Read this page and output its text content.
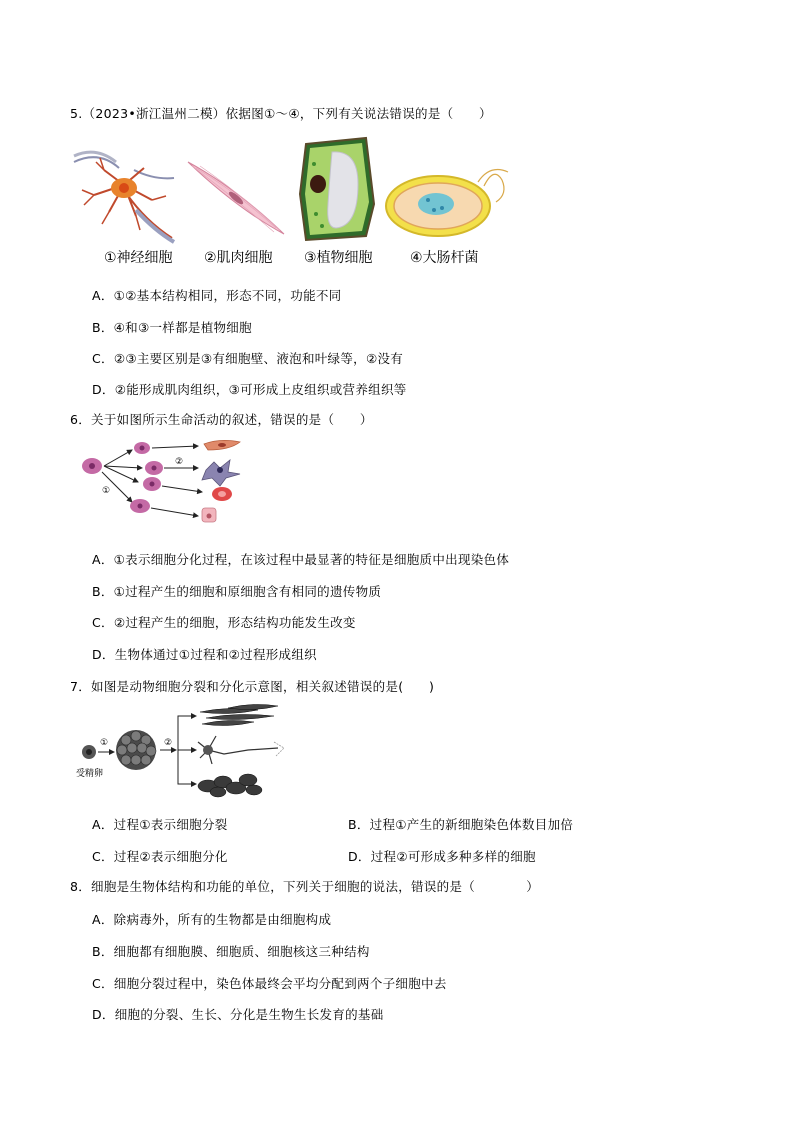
5.（2023•浙江温州二模）依据图①～④，下列有关说法错误的是（　　）
①神经细胞 ②肌肉细胞 ③植物细胞	④大肠杆菌
A．①②基本结构相同，形态不同，功能不同
B．④和③一样都是植物细胞
C．②③主要区别是③有细胞壁、液泡和叶绿等，②没有
D．②能形成肌肉组织，③可形成上皮组织或营养组织等
6．关于如图所示生命活动的叙述，错误的是（　　）
②
①
A．①表示细胞分化过程，在该过程中最显著的特征是细胞质中出现染色体
B．①过程产生的细胞和原细胞含有相同的遗传物质
C．②过程产生的细胞，形态结构功能发生改变
D．生物体通过①过程和②过程形成组织
7．如图是动物细胞分裂和分化示意图，相关叙述错误的是(　　)
①	②
受精卵
A．过程①表示细胞分裂	B．过程①产生的新细胞染色体数目加倍
C．过程②表示细胞分化	D．过程②可形成多种多样的细胞
8．细胞是生物体结构和功能的单位，下列关于细胞的说法，错误的是（　　　　）
A．除病毒外，所有的生物都是由细胞构成
B．细胞都有细胞膜、细胞质、细胞核这三种结构
C．细胞分裂过程中，染色体最终会平均分配到两个子细胞中去
D．细胞的分裂、生长、分化是生物生长发育的基础
